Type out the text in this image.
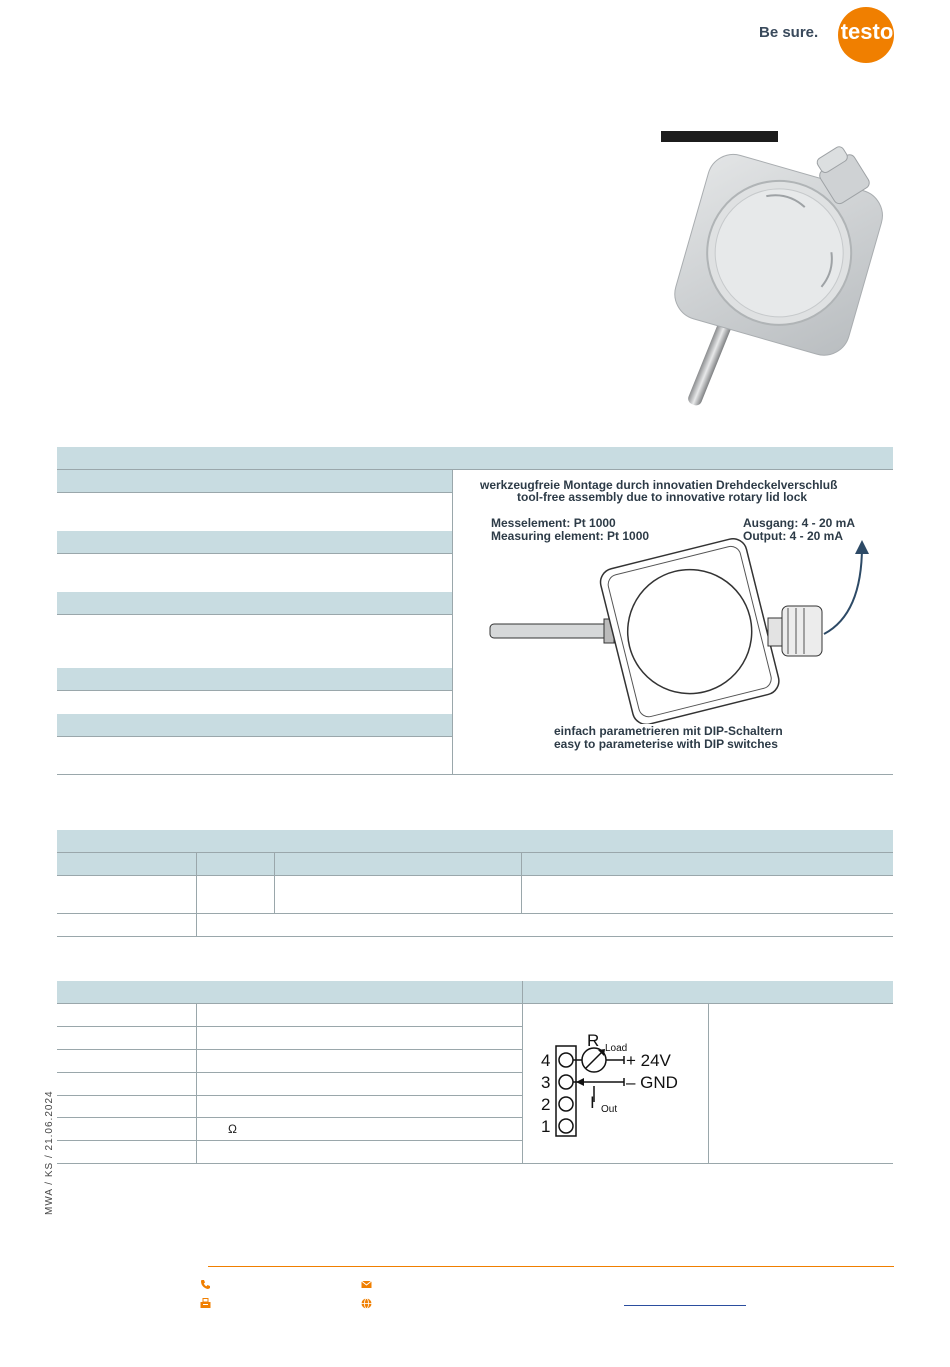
Be sure. testo
werkzeugfreie Montage durch innovatien Drehdeckelverschluß
tool-free assembly due to innovative rotary lid lock
Messelement: Pt 1000
Measuring element: Pt 1000
Ausgang: 4 - 20 mA
Output: 4 - 20 mA
einfach parametrieren mit DIP-Schaltern
easy to parameterise with DIP switches
Ω
4
3
2
1
R Load
+ 24V
– GND
I Out
MWA / KS / 21.06.2024
